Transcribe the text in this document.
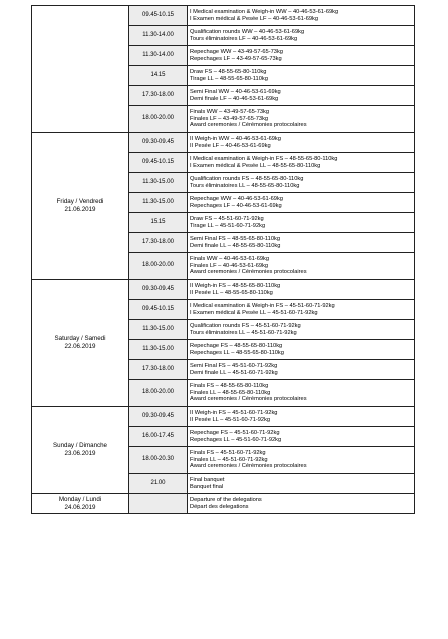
	09.45-10.15	I Medical examination & Weigh-in WW – 40-46-53-61-69kg
I Examen médical & Pesée LF – 40-46-53-61-69kg

	11.30-14.00	Qualification rounds WW – 40-46-53-61-69kg
Tours éliminatoires LF – 40-46-53-61-69kg

	11.30-14.00	Repechage WW – 43-49-57-65-73kg
Repechages LF – 43-49-57-65-73kg

	14.15	Draw FS – 48-55-65-80-110kg
Tirage LL – 48-55-65-80-110kg

	17.30-18.00	Semi Final WW – 40-46-53-61-69kg
Demi finale LF – 40-46-53-61-69kg

	18.00-20.00	Finals WW – 43-49-57-65-73kg
Finales LF – 43-49-57-65-73kg
Award ceremonies / Cérémonies protocolaires

Friday / Vendredi
21.06.2019	09.30-09.45	II Weigh-in WW – 40-46-53-61-69kg
II Pesée LF – 40-46-53-61-69kg

	09.45-10.15	I Medical examination & Weigh-in FS – 48-55-65-80-110kg
I Examen médical & Pesée LL – 48-55-65-80-110kg

	11.30-15.00	Qualification rounds FS – 48-55-65-80-110kg
Tours éliminatoires LL – 48-55-65-80-110kg

	11.30-15.00	Repechage WW – 40-46-53-61-69kg
Repechages LF – 40-46-53-61-69kg

	15.15	Draw FS – 45-51-60-71-92kg
Tirage LL – 45-51-60-71-92kg

	17.30-18.00	Semi Final FS – 48-55-65-80-110kg
Demi finale LL – 48-55-65-80-110kg

	18.00-20.00	Finals WW – 40-46-53-61-69kg
Finales LF – 40-46-53-61-69kg
Award ceremonies / Cérémonies protocolaires

Saturday / Samedi
22.06.2019	09.30-09.45	II Weigh-in FS – 48-55-65-80-110kg
II Pesée LL – 48-55-65-80-110kg

	09.45-10.15	I Medical examination & Weigh-in FS – 45-51-60-71-92kg
I Examen médical & Pesée LL – 45-51-60-71-92kg

	11.30-15.00	Qualification rounds FS – 45-51-60-71-92kg
Tours éliminatoires LL – 45-51-60-71-92kg

	11.30-15.00	Repechage FS – 48-55-65-80-110kg
Repechages LL – 48-55-65-80-110kg

	17.30-18.00	Semi Final FS – 45-51-60-71-92kg
Demi finale LL – 45-51-60-71-92kg

	18.00-20.00	Finals FS – 48-55-65-80-110kg
Finales LL – 48-55-65-80-110kg
Award ceremonies / Cérémonies protocolaires

Sunday / Dimanche
23.06.2019	09.30-09.45	II Weigh-in FS – 45-51-60-71-92kg
II Pesée LL – 45-51-60-71-92kg

	16.00-17.45	Repechage FS – 45-51-60-71-92kg
Repechages LL – 45-51-60-71-92kg

	18.00-20.30	Finals FS – 45-51-60-71-92kg
Finales LL – 45-51-60-71-92kg
Award ceremonies / Cérémonies protocolaires

	21.00	Final banquet
Banquet final

Monday / Lundi
24.06.2019		Departure of the delegations
Départ des delegations
